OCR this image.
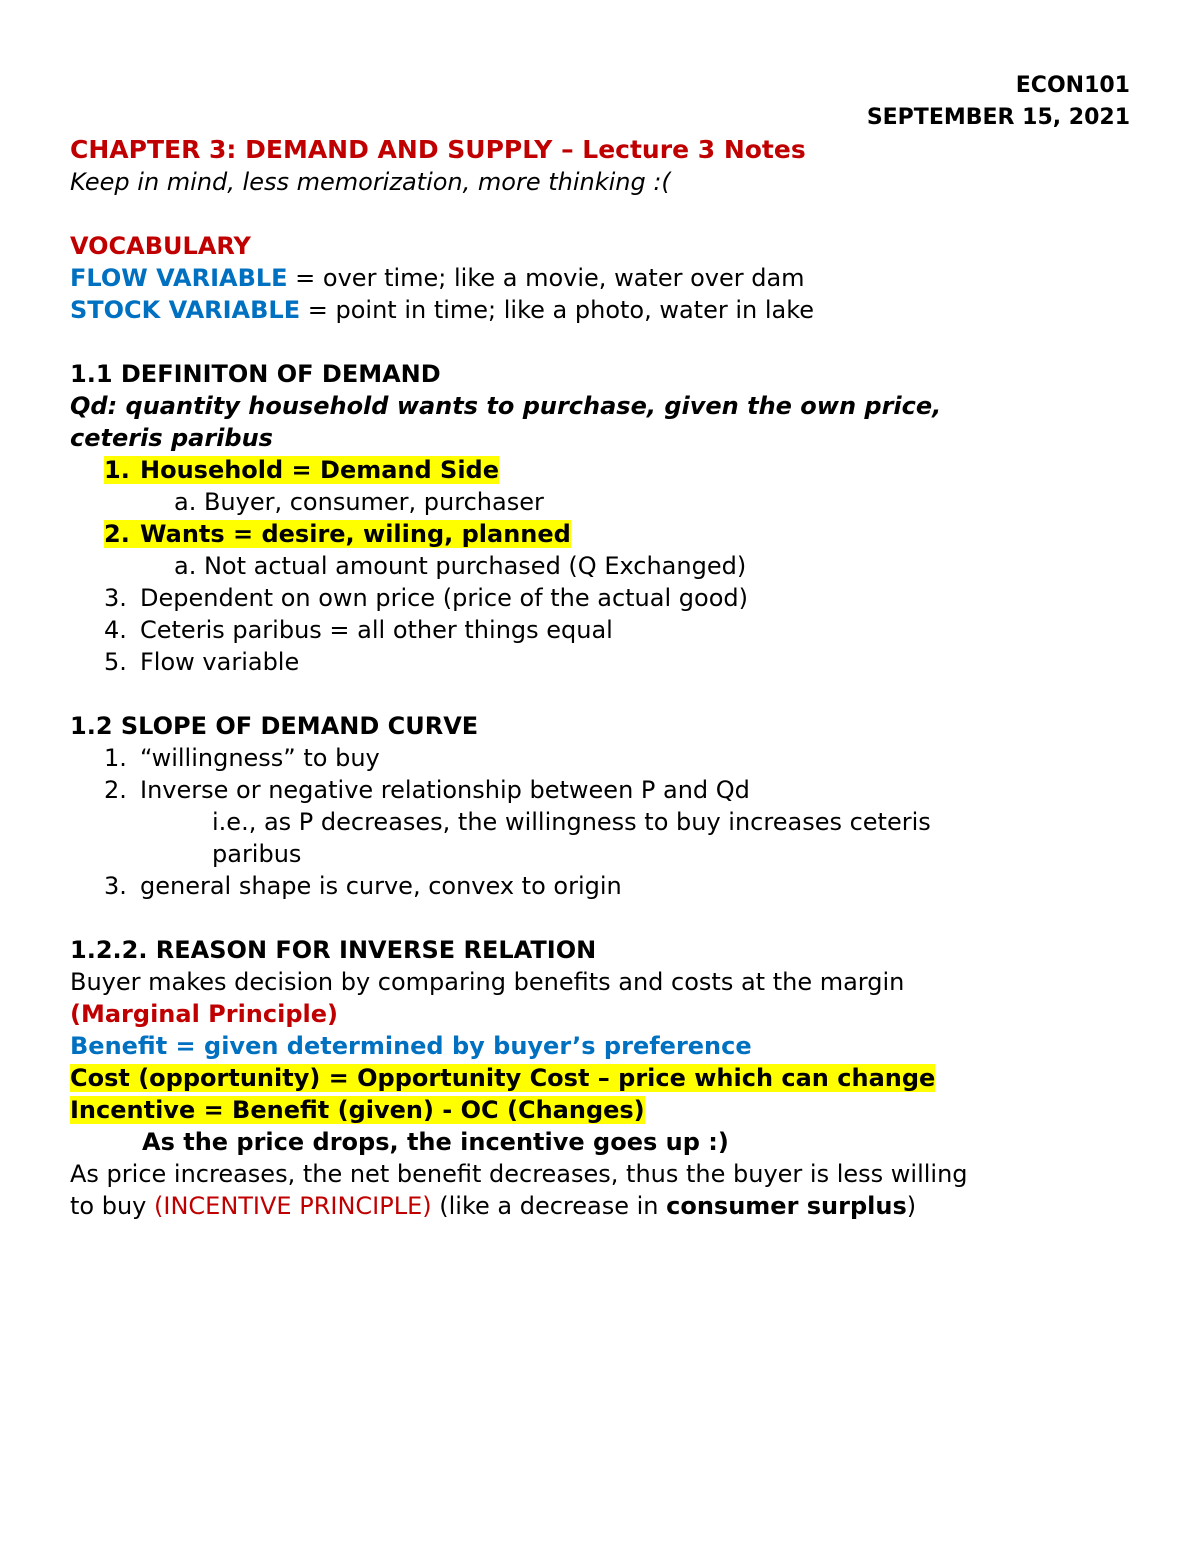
ECON101
SEPTEMBER 15, 2021
CHAPTER 3: DEMAND AND SUPPLY – Lecture 3 Notes
Keep in mind, less memorization, more thinking :(
VOCABULARY
FLOW VARIABLE = over time; like a movie, water over dam
STOCK VARIABLE = point in time; like a photo, water in lake
1.1 DEFINITON OF DEMAND
Qd: quantity household wants to purchase, given the own price,
ceteris paribus
1. Household = Demand Side
a. Buyer, consumer, purchaser
2. Wants = desire, wiling, planned
a. Not actual amount purchased (Q Exchanged)
3. Dependent on own price (price of the actual good)
4. Ceteris paribus = all other things equal
5. Flow variable
1.2 SLOPE OF DEMAND CURVE
1. “willingness” to buy
2. Inverse or negative relationship between P and Qd
i.e., as P decreases, the willingness to buy increases ceteris
paribus
3. general shape is curve, convex to origin
1.2.2. REASON FOR INVERSE RELATION
Buyer makes decision by comparing benefits and costs at the margin
(Marginal Principle)
Benefit = given determined by buyer’s preference
Cost (opportunity) = Opportunity Cost – price which can change
Incentive = Benefit (given) - OC (Changes)
As the price drops, the incentive goes up :)
As price increases, the net benefit decreases, thus the buyer is less willing
to buy (INCENTIVE PRINCIPLE) (like a decrease in consumer surplus)
